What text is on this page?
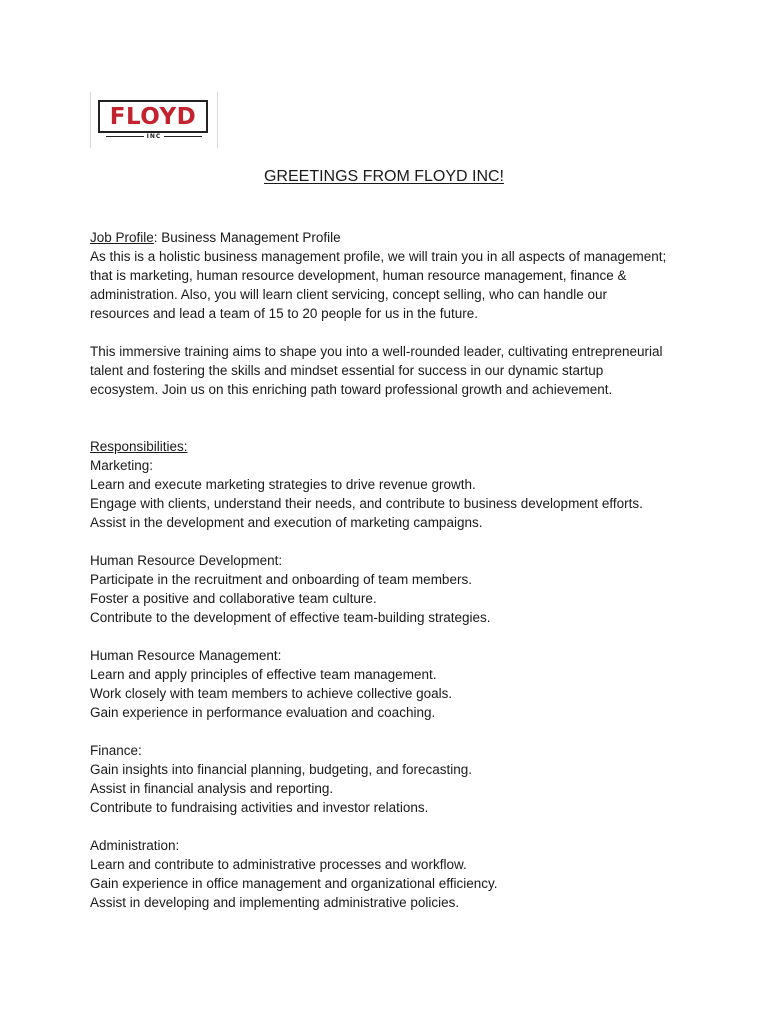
FLOYD
INC
GREETINGS FROM FLOYD INC!
Job Profile: Business Management Profile
As this is a holistic business management profile, we will train you in all aspects of management;
that is marketing, human resource development, human resource management, finance &
administration. Also, you will learn client servicing, concept selling, who can handle our
resources and lead a team of 15 to 20 people for us in the future.
This immersive training aims to shape you into a well-rounded leader, cultivating entrepreneurial
talent and fostering the skills and mindset essential for success in our dynamic startup
ecosystem. Join us on this enriching path toward professional growth and achievement.
Responsibilities:
Marketing:
Learn and execute marketing strategies to drive revenue growth.
Engage with clients, understand their needs, and contribute to business development efforts.
Assist in the development and execution of marketing campaigns.
Human Resource Development:
Participate in the recruitment and onboarding of team members.
Foster a positive and collaborative team culture.
Contribute to the development of effective team-building strategies.
Human Resource Management:
Learn and apply principles of effective team management.
Work closely with team members to achieve collective goals.
Gain experience in performance evaluation and coaching.
Finance:
Gain insights into financial planning, budgeting, and forecasting.
Assist in financial analysis and reporting.
Contribute to fundraising activities and investor relations.
Administration:
Learn and contribute to administrative processes and workflow.
Gain experience in office management and organizational efficiency.
Assist in developing and implementing administrative policies.
